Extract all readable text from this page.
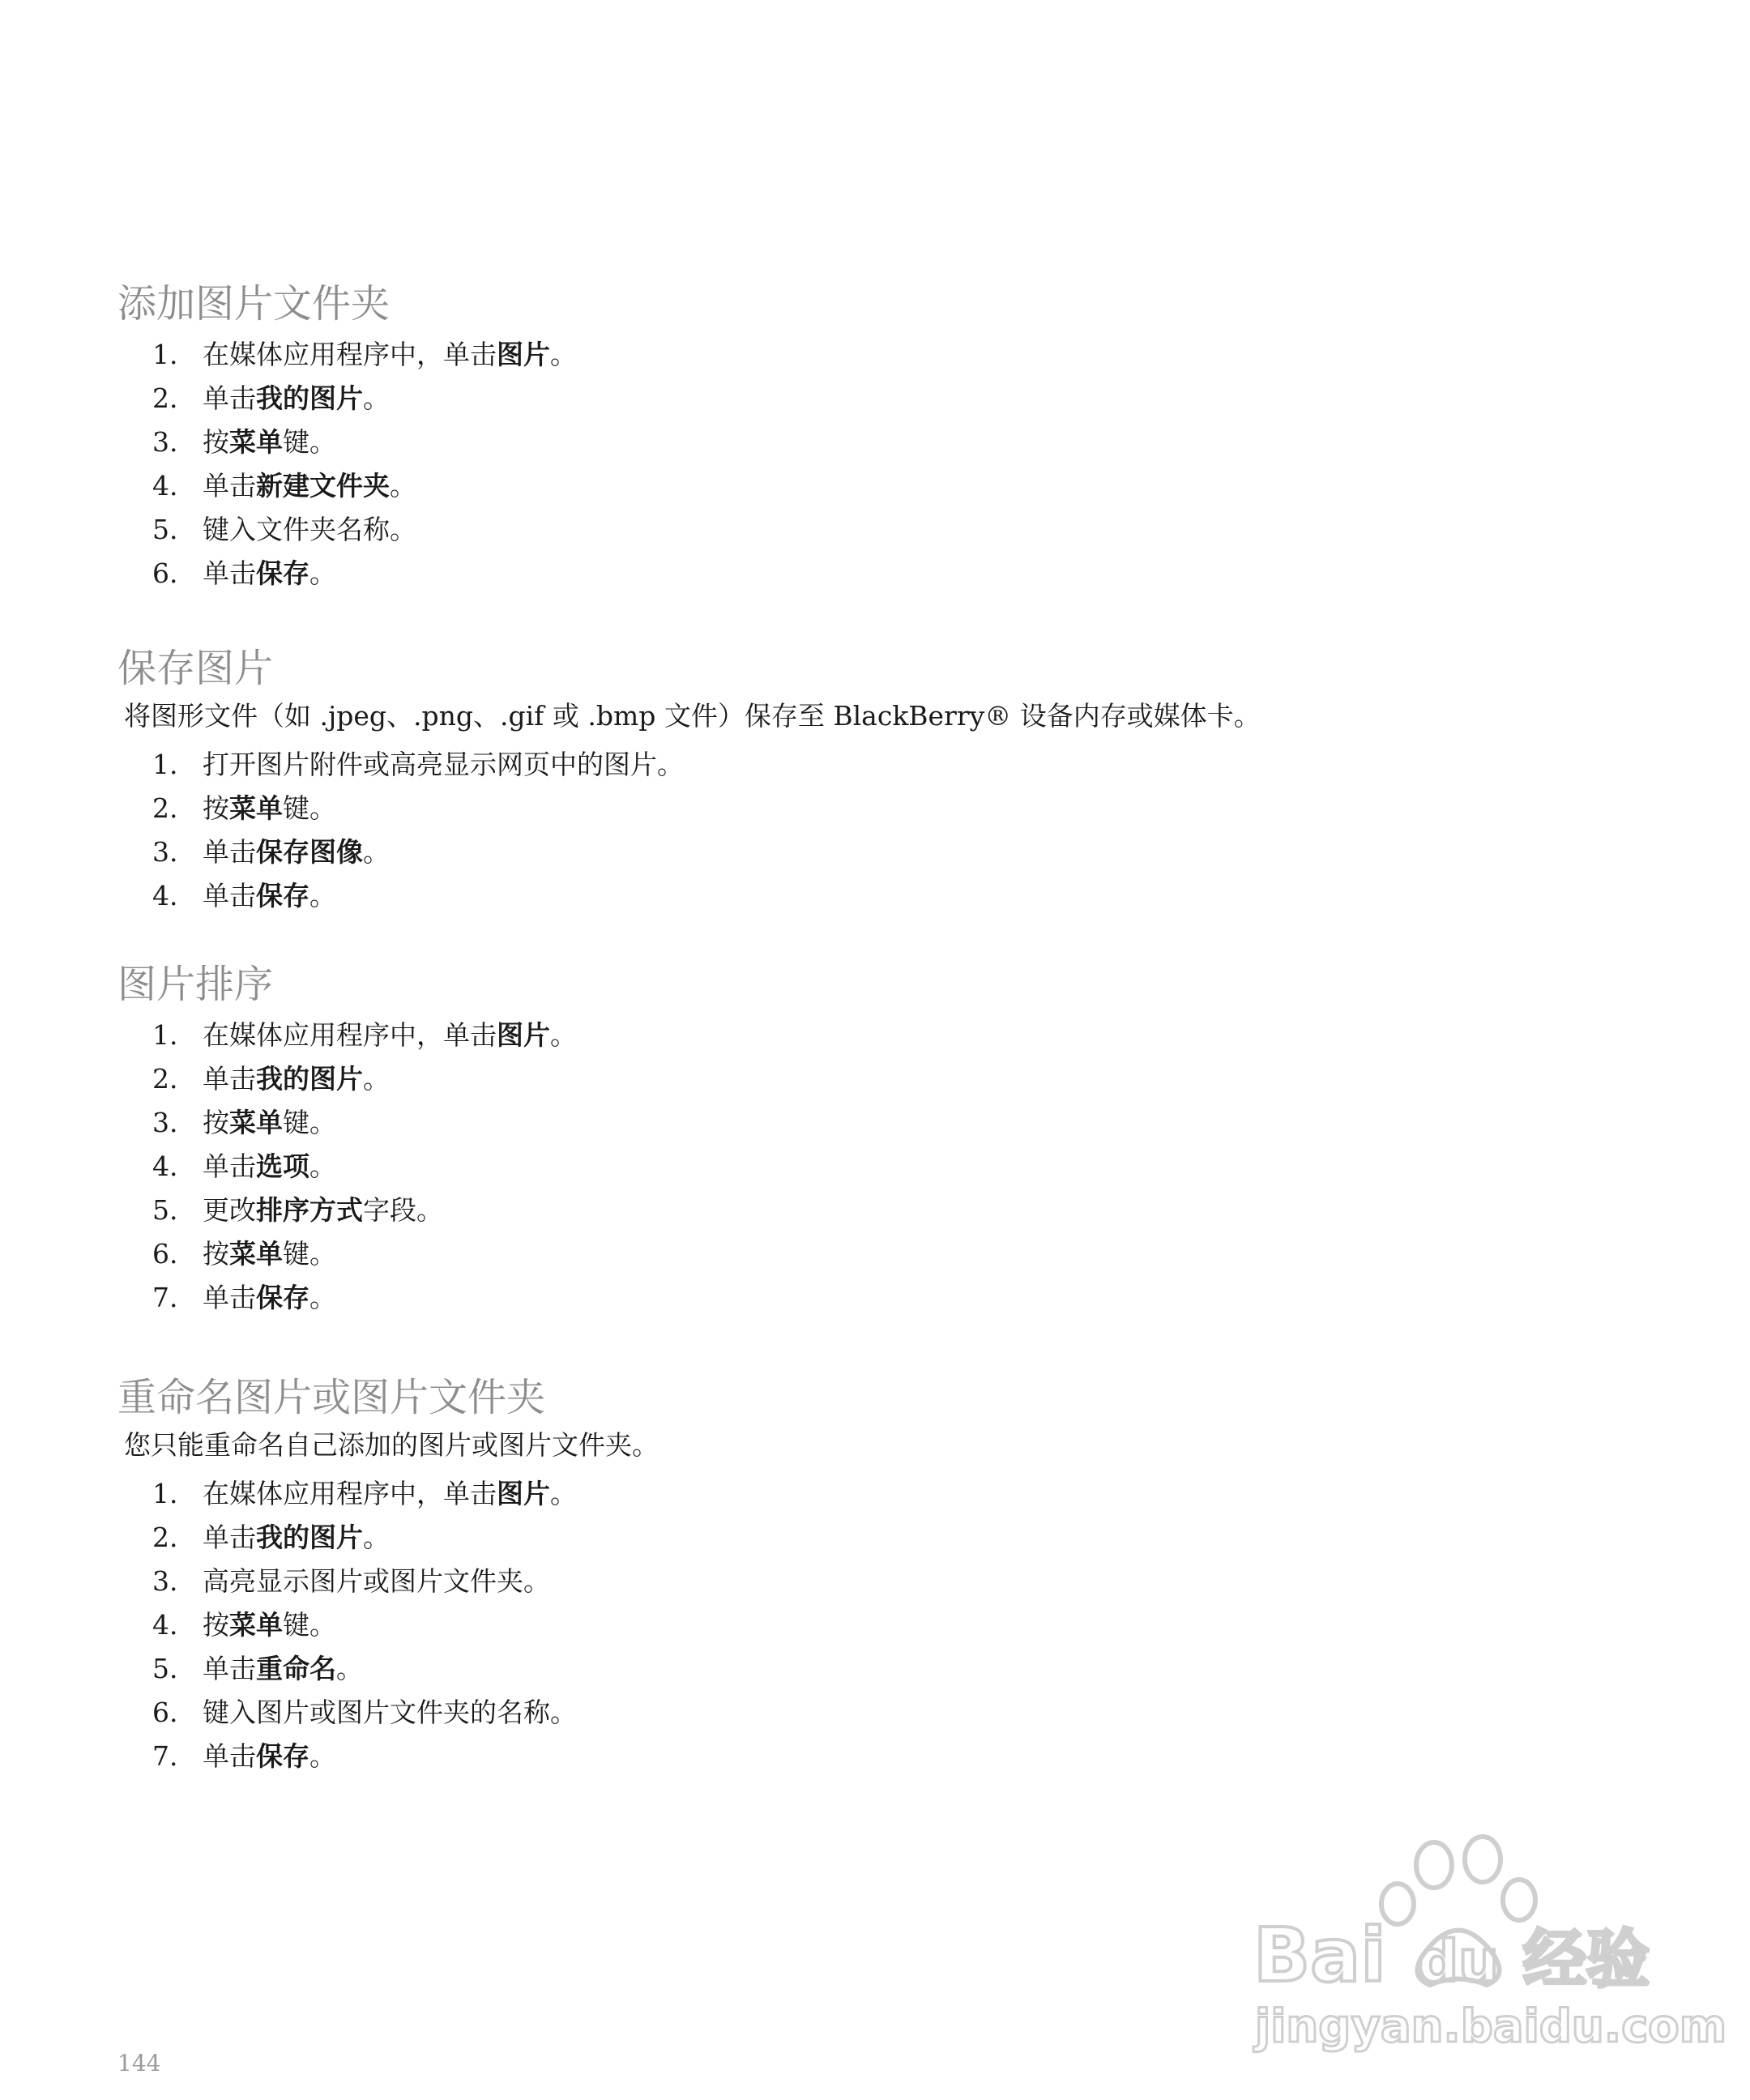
添加图片文件夹
1. 在媒体应用程序中，单击图片。
2. 单击我的图片。
3. 按菜单键。
4. 单击新建文件夹。
5. 键入文件夹名称。
6. 单击保存。
保存图片

将图形文件（如 .jpeg、.png、.gif 或 .bmp 文件）保存至 BlackBerry® 设备内存或媒体卡。

1. 打开图片附件或高亮显示网页中的图片。
2. 按菜单键。
3. 单击保存图像。
4. 单击保存。
图片排序
1. 在媒体应用程序中，单击图片。
2. 单击我的图片。
3. 按菜单键。
4. 单击选项。
5. 更改排序方式字段。
6. 按菜单键。
7. 单击保存。
重命名图片或图片文件夹

您只能重命名自己添加的图片或图片文件夹。

1. 在媒体应用程序中，单击图片。
2. 单击我的图片。
3. 高亮显示图片或图片文件夹。
4. 按菜单键。
5. 单击重命名。
6. 键入图片或图片文件夹的名称。
7. 单击保存。
Bai du 经验
jingyan.baidu.com
144
